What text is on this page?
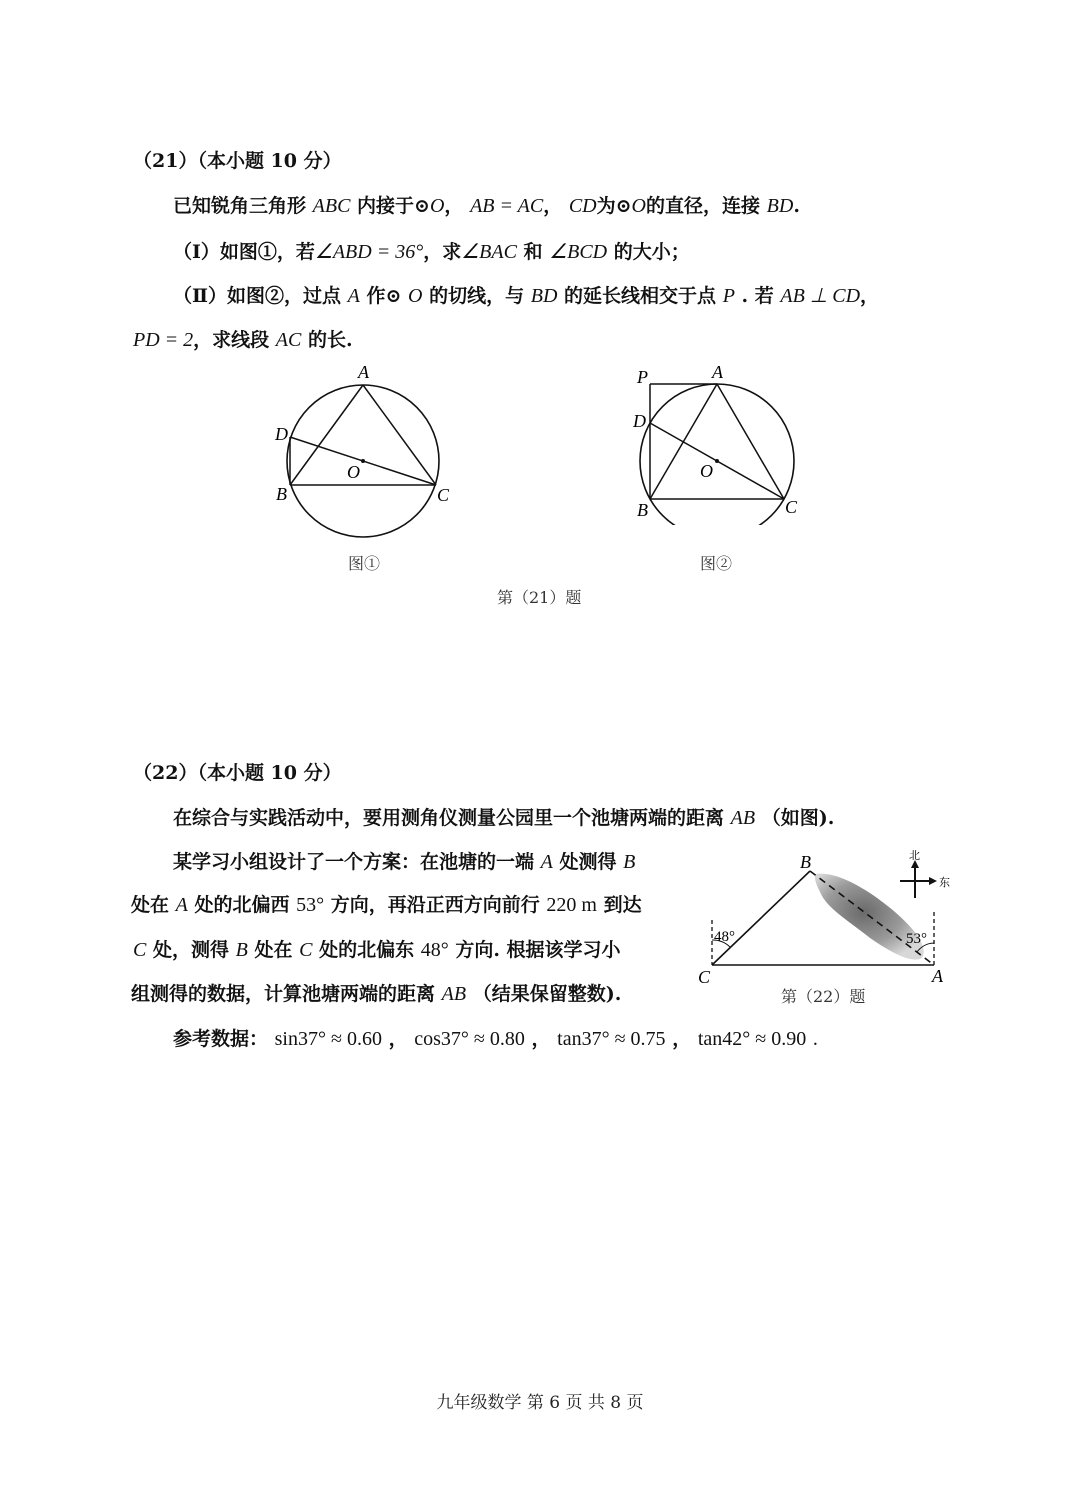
（21）（本小题 10 分）
已知锐角三角形 ABC 内接于⊙O， AB = AC， CD为⊙O的直径，连接 BD.
（Ⅰ）如图①，若∠ABD = 36°，求∠BAC 和 ∠BCD 的大小；
（Ⅱ）如图②，过点 A 作⊙ O 的切线，与 BD 的延长线相交于点 P . 若 AB ⊥ CD，
PD = 2，求线段 AC 的长.
A
D
B	C
O
图①
P	A
D
B	C
O
图②
第（21）题
（22）（本小题 10 分）
在综合与实践活动中，要用测角仪测量公园里一个池塘两端的距离 AB （如图).
某学习小组设计了一个方案：在池塘的一端 A 处测得 B
处在 A 处的北偏西 53° 方向，再沿正西方向前行 220 m 到达
C 处，测得 B 处在 C 处的北偏东 48° 方向. 根据该学习小
组测得的数据，计算池塘两端的距离 AB （结果保留整数).
参考数据： sin37° ≈ 0.60 ， cos37° ≈ 0.80 ， tan37° ≈ 0.75 ， tan42° ≈ 0.90 .
48°	53°
B
C	A
北
东
第（22）题
九年级数学 第 6 页 共 8 页
